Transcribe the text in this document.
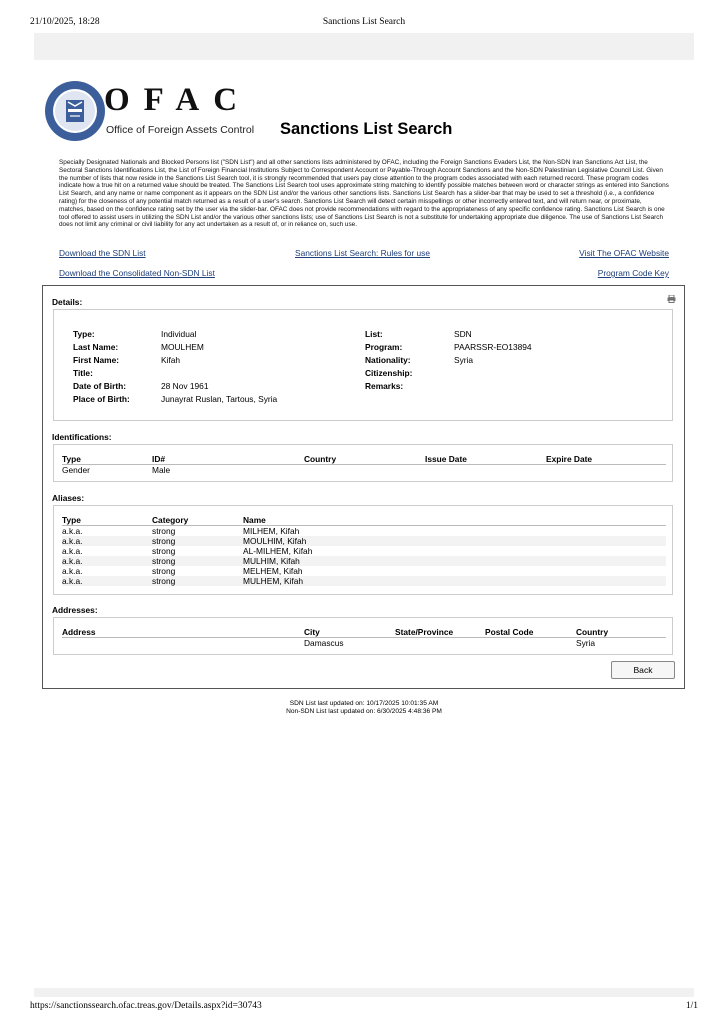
21/10/2025, 18:28	Sanctions List Search
OFAC
Office of Foreign Assets Control Sanctions List Search
Specially Designated Nationals and Blocked Persons list ("SDN List") and all other sanctions lists administered by OFAC, including the Foreign Sanctions Evaders List, the Non-SDN Iran Sanctions Act List, the Sectoral Sanctions Identifications List, the List of Foreign Financial Institutions Subject to Correspondent Account or Payable-Through Account Sanctions and the Non-SDN Palestinian Legislative Council List. Given the number of lists that now reside in the Sanctions List Search tool, it is strongly recommended that users pay close attention to the program codes associated with each returned record. These program codes indicate how a true hit on a returned value should be treated. The Sanctions List Search tool uses approximate string matching to identify possible matches between word or character strings as entered into Sanctions List Search, and any name or name component as it appears on the SDN List and/or the various other sanctions lists. Sanctions List Search has a slider-bar that may be used to set a threshold (i.e., a confidence rating) for the closeness of any potential match returned as a result of a user's search. Sanctions List Search will detect certain misspellings or other incorrectly entered text, and will return near, or proximate, matches, based on the confidence rating set by the user via the slider-bar. OFAC does not provide recommendations with regard to the appropriateness of any specific confidence rating. Sanctions List Search is one tool offered to assist users in utilizing the SDN List and/or the various other sanctions lists; use of Sanctions List Search is not a substitute for undertaking appropriate due diligence. The use of Sanctions List Search does not limit any criminal or civil liability for any act undertaken as a result of, or in reliance on, such use.
Download the SDN List	Sanctions List Search: Rules for use	Visit The OFAC Website
Download the Consolidated Non-SDN List	Program Code Key
Details:
Type:	Individual
Last Name:	MOULHEM
First Name:	Kifah
Title:
Date of Birth:	28 Nov 1961
Place of Birth:	Junayrat Ruslan, Tartous, Syria
List:	SDN
Program:	PAARSSR-EO13894
Nationality:	Syria
Citizenship:
Remarks:
Identifications:
Type	ID#	Country	Issue Date	Expire Date
Gender	Male			
Aliases:
Type	Category	Name
a.k.a.	strong	MILHEM, Kifah
a.k.a.	strong	MOULHIM, Kifah
a.k.a.	strong	AL-MILHEM, Kifah
a.k.a.	strong	MULHIM, Kifah
a.k.a.	strong	MELHEM, Kifah
a.k.a.	strong	MULHEM, Kifah
Addresses:
Address	City	State/Province	Postal Code	Country
	Damascus			Syria
Back
SDN List last updated on: 10/17/2025 10:01:35 AM
Non-SDN List last updated on: 6/30/2025 4:48:36 PM
https://sanctionssearch.ofac.treas.gov/Details.aspx?id=30743	1/1
